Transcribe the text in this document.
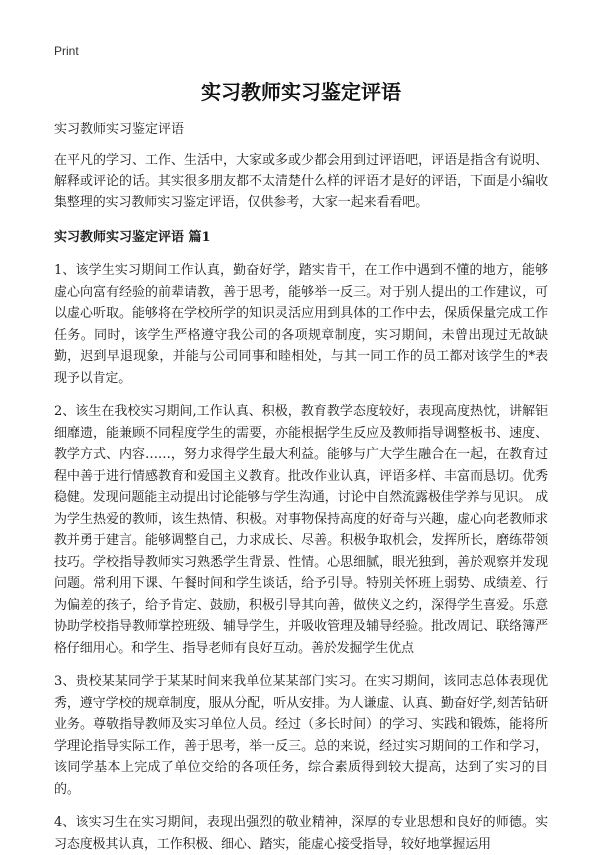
Print
实习教师实习鉴定评语

实习教师实习鉴定评语

在平凡的学习、工作、生活中，大家或多或少都会用到过评语吧，评语是指含有说明、解释或评论的话。其实很多朋友都不太清楚什么样的评语才是好的评语，下面是小编收集整理的实习教师实习鉴定评语，仅供参考，大家一起来看看吧。

实习教师实习鉴定评语 篇1

1、该学生实习期间工作认真，勤奋好学，踏实肯干，在工作中遇到不懂的地方，能够虚心向富有经验的前辈请教，善于思考，能够举一反三。对于别人提出的工作建议，可以虚心听取。能够将在学校所学的知识灵活应用到具体的工作中去，保质保量完成工作任务。同时，该学生严格遵守我公司的各项规章制度，实习期间，未曾出现过无故缺勤，迟到早退现象，并能与公司同事和睦相处，与其一同工作的员工都对该学生的*表现予以肯定。

2、该生在我校实习期间,工作认真、积极，教育教学态度较好，表现高度热忱，讲解钜细靡遗，能兼顾不同程度学生的需要，亦能根据学生反应及教师指导调整板书、速度、教学方式、内容……，努力求得学生最大利益。能够与广大学生融合在一起，在教育过程中善于进行情感教育和爱国主义教育。批改作业认真，评语多样、丰富而恳切。优秀稳健。发现问题能主动提出讨论能够与学生沟通，讨论中自然流露极佳学养与见识。 成为学生热爱的教师，该生热情、积极。对事物保持高度的好奇与兴趣，虚心向老教师求教并勇于建言。能够调整自己，力求成长、尽善。积极争取机会，发挥所长，磨练带领技巧。学校指导教师实习熟悉学生背景、性情。心思细腻，眼光独到，善於观察并发现问题。常利用下课、午餐时间和学生谈话，给予引导。特别关怀班上弱势、成绩差、行为偏差的孩子，给予肯定、鼓励，积极引导其向善，做侠义之约，深得学生喜爱。乐意协助学校指导教师掌控班级、辅导学生，并吸收管理及辅导经验。批改周记、联络簿严格仔细用心。和学生、指导老师有良好互动。善於发掘学生优点

3、贵校某某同学于某某时间来我单位某某部门实习。在实习期间，该同志总体表现优秀，遵守学校的规章制度，服从分配，听从安排。为人谦虚、认真、勤奋好学,刻苦钻研业务。尊敬指导教师及实习单位人员。经过（多长时间）的学习、实践和锻炼，能将所学理论指导实际工作，善于思考，举一反三。总的来说，经过实习期间的工作和学习，该同学基本上完成了单位交给的各项任务，综合素质得到较大提高，达到了实习的目的。

4、该实习生在实习期间，表现出强烈的敬业精神，深厚的专业思想和良好的师德。实习态度极其认真，工作积极、细心、踏实，能虚心接受指导，较好地掌握运用
